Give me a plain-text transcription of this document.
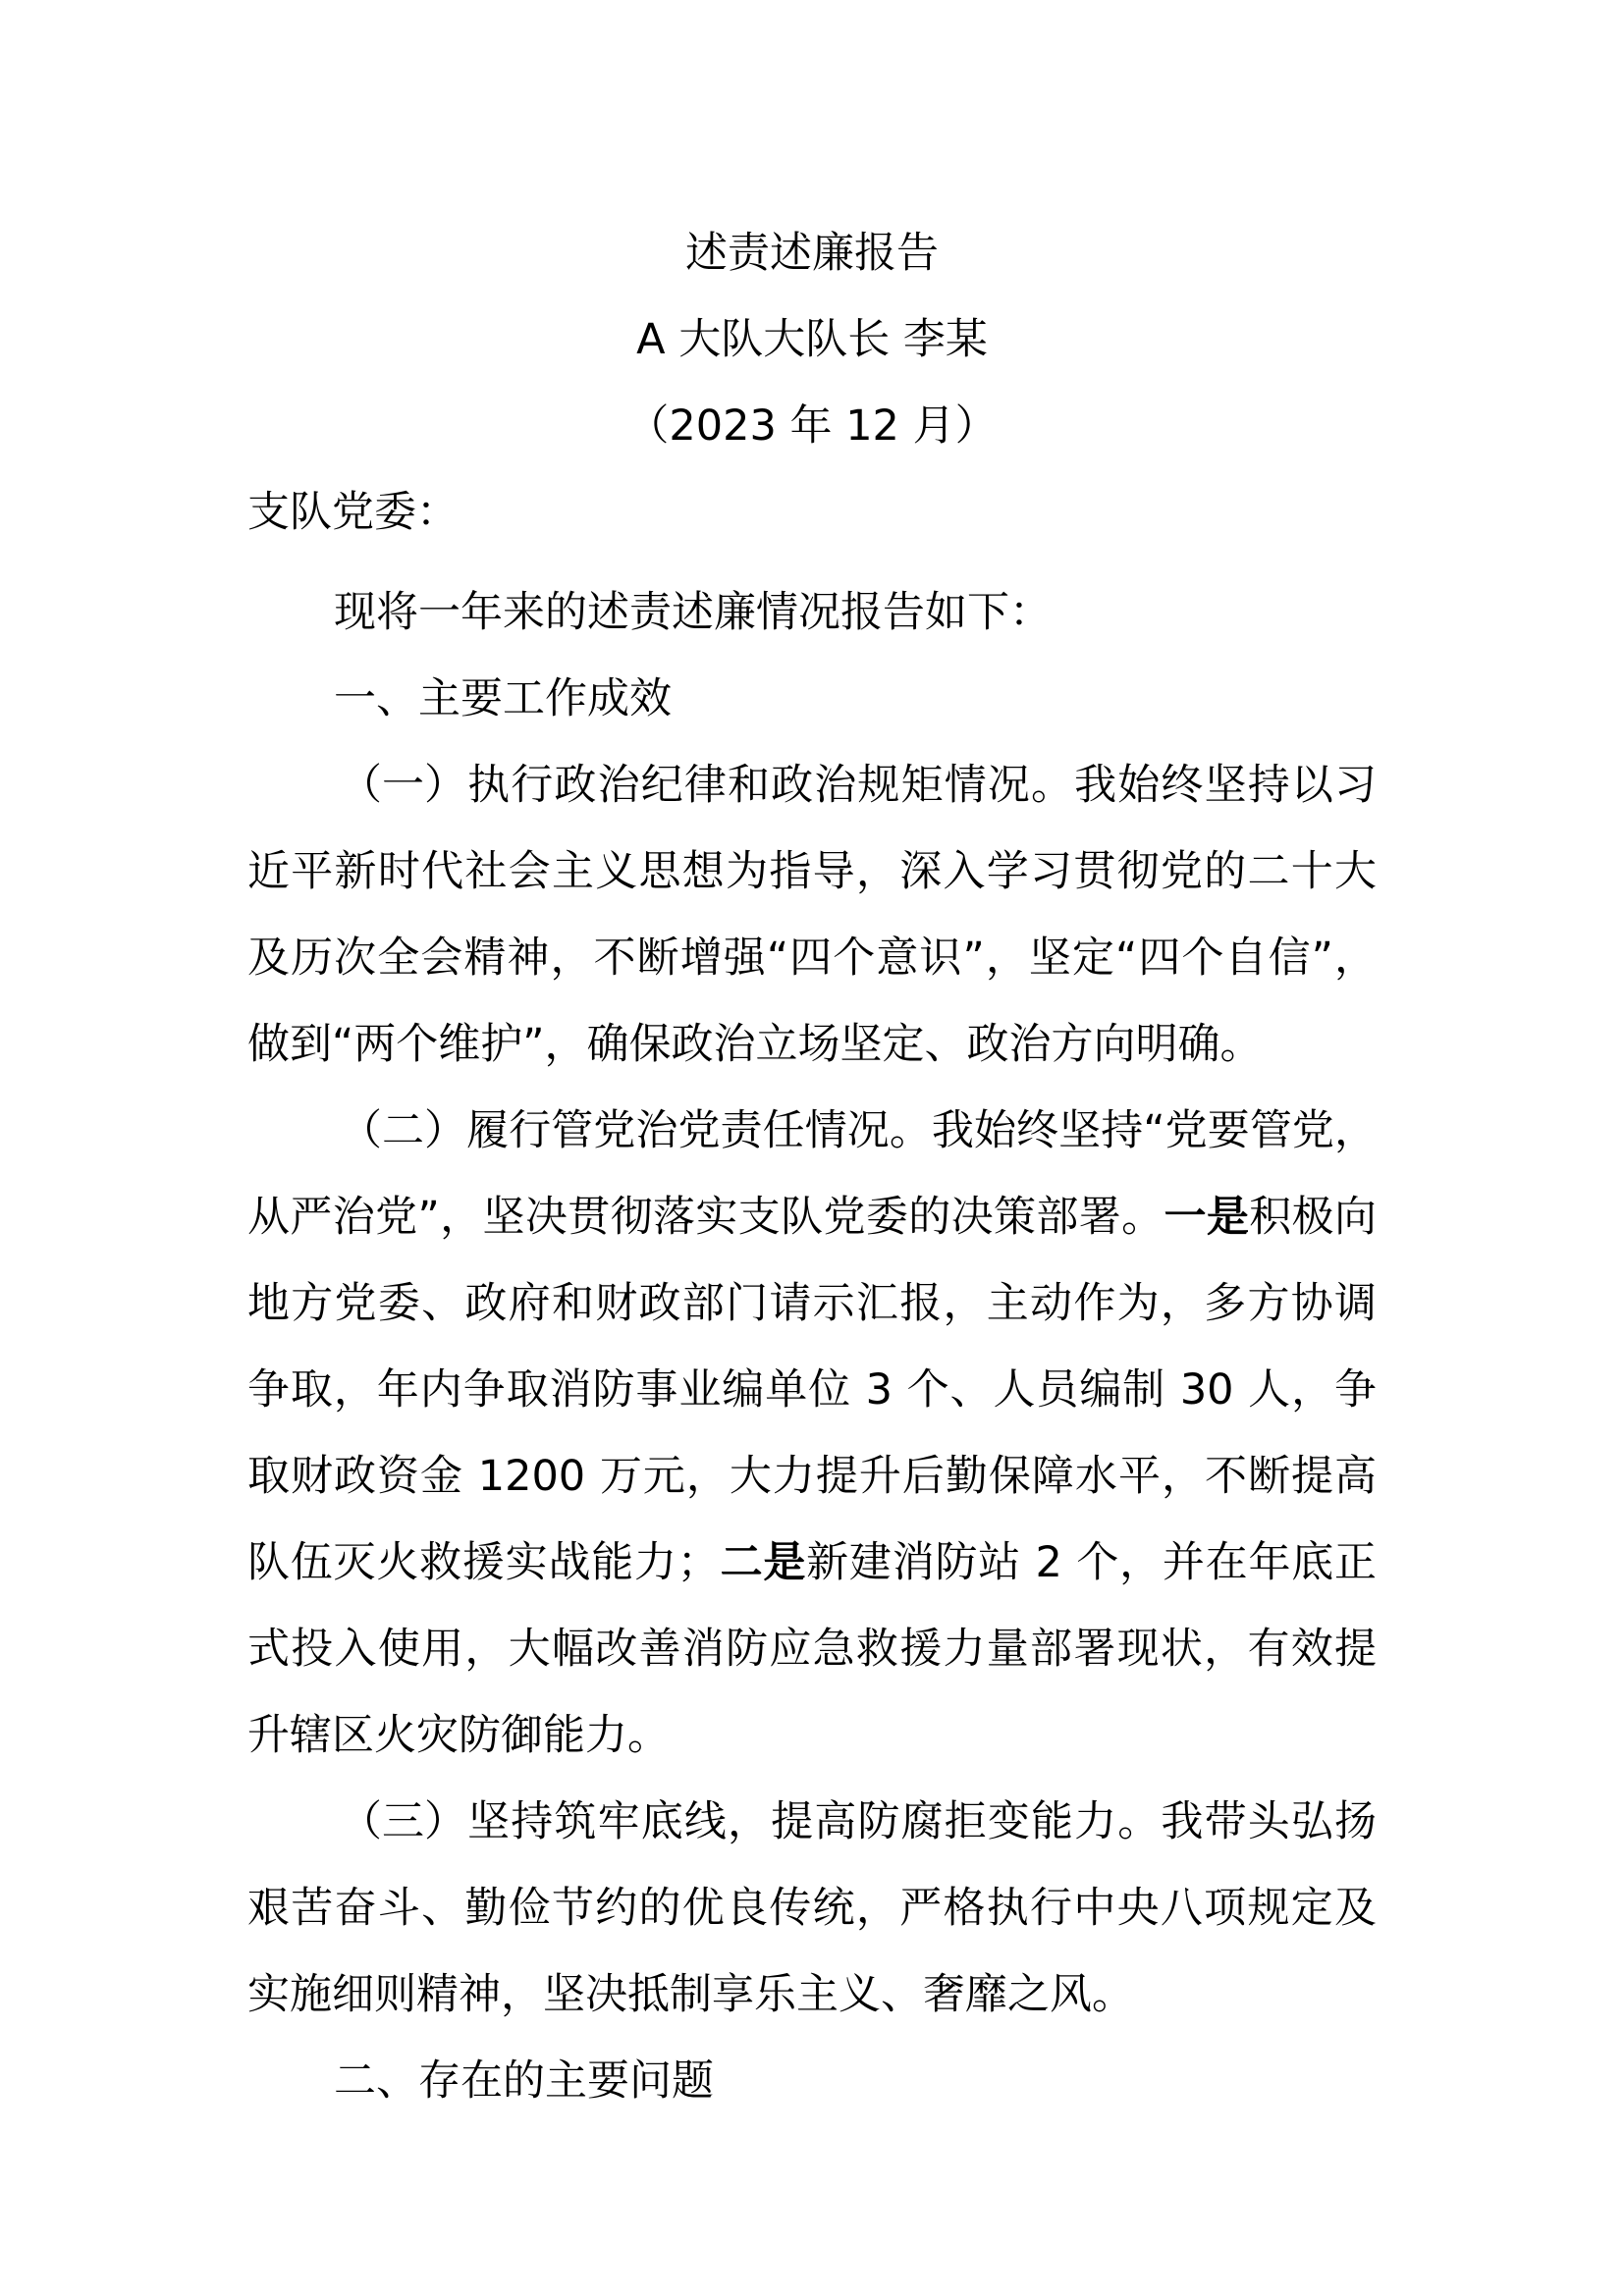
述责述廉报告
A 大队大队长 李某
（2023 年 12 月）
支队党委：

现将一年来的述责述廉情况报告如下：

一、主要工作成效

（一）执行政治纪律和政治规矩情况。我始终坚持以习近平新时代社会主义思想为指导，深入学习贯彻党的二十大及历次全会精神，不断增强“四个意识”，坚定“四个自信”，做到“两个维护”，确保政治立场坚定、政治方向明确。

（二）履行管党治党责任情况。我始终坚持“党要管党，从严治党”，坚决贯彻落实支队党委的决策部署。一是积极向地方党委、政府和财政部门请示汇报，主动作为，多方协调争取，年内争取消防事业编单位 3 个、人员编制 30 人，争取财政资金 1200 万元，大力提升后勤保障水平，不断提高队伍灭火救援实战能力；二是新建消防站 2 个，并在年底正式投入使用，大幅改善消防应急救援力量部署现状，有效提升辖区火灾防御能力。

（三）坚持筑牢底线，提高防腐拒变能力。我带头弘扬艰苦奋斗、勤俭节约的优良传统，严格执行中央八项规定及实施细则精神，坚决抵制享乐主义、奢靡之风。

二、存在的主要问题
